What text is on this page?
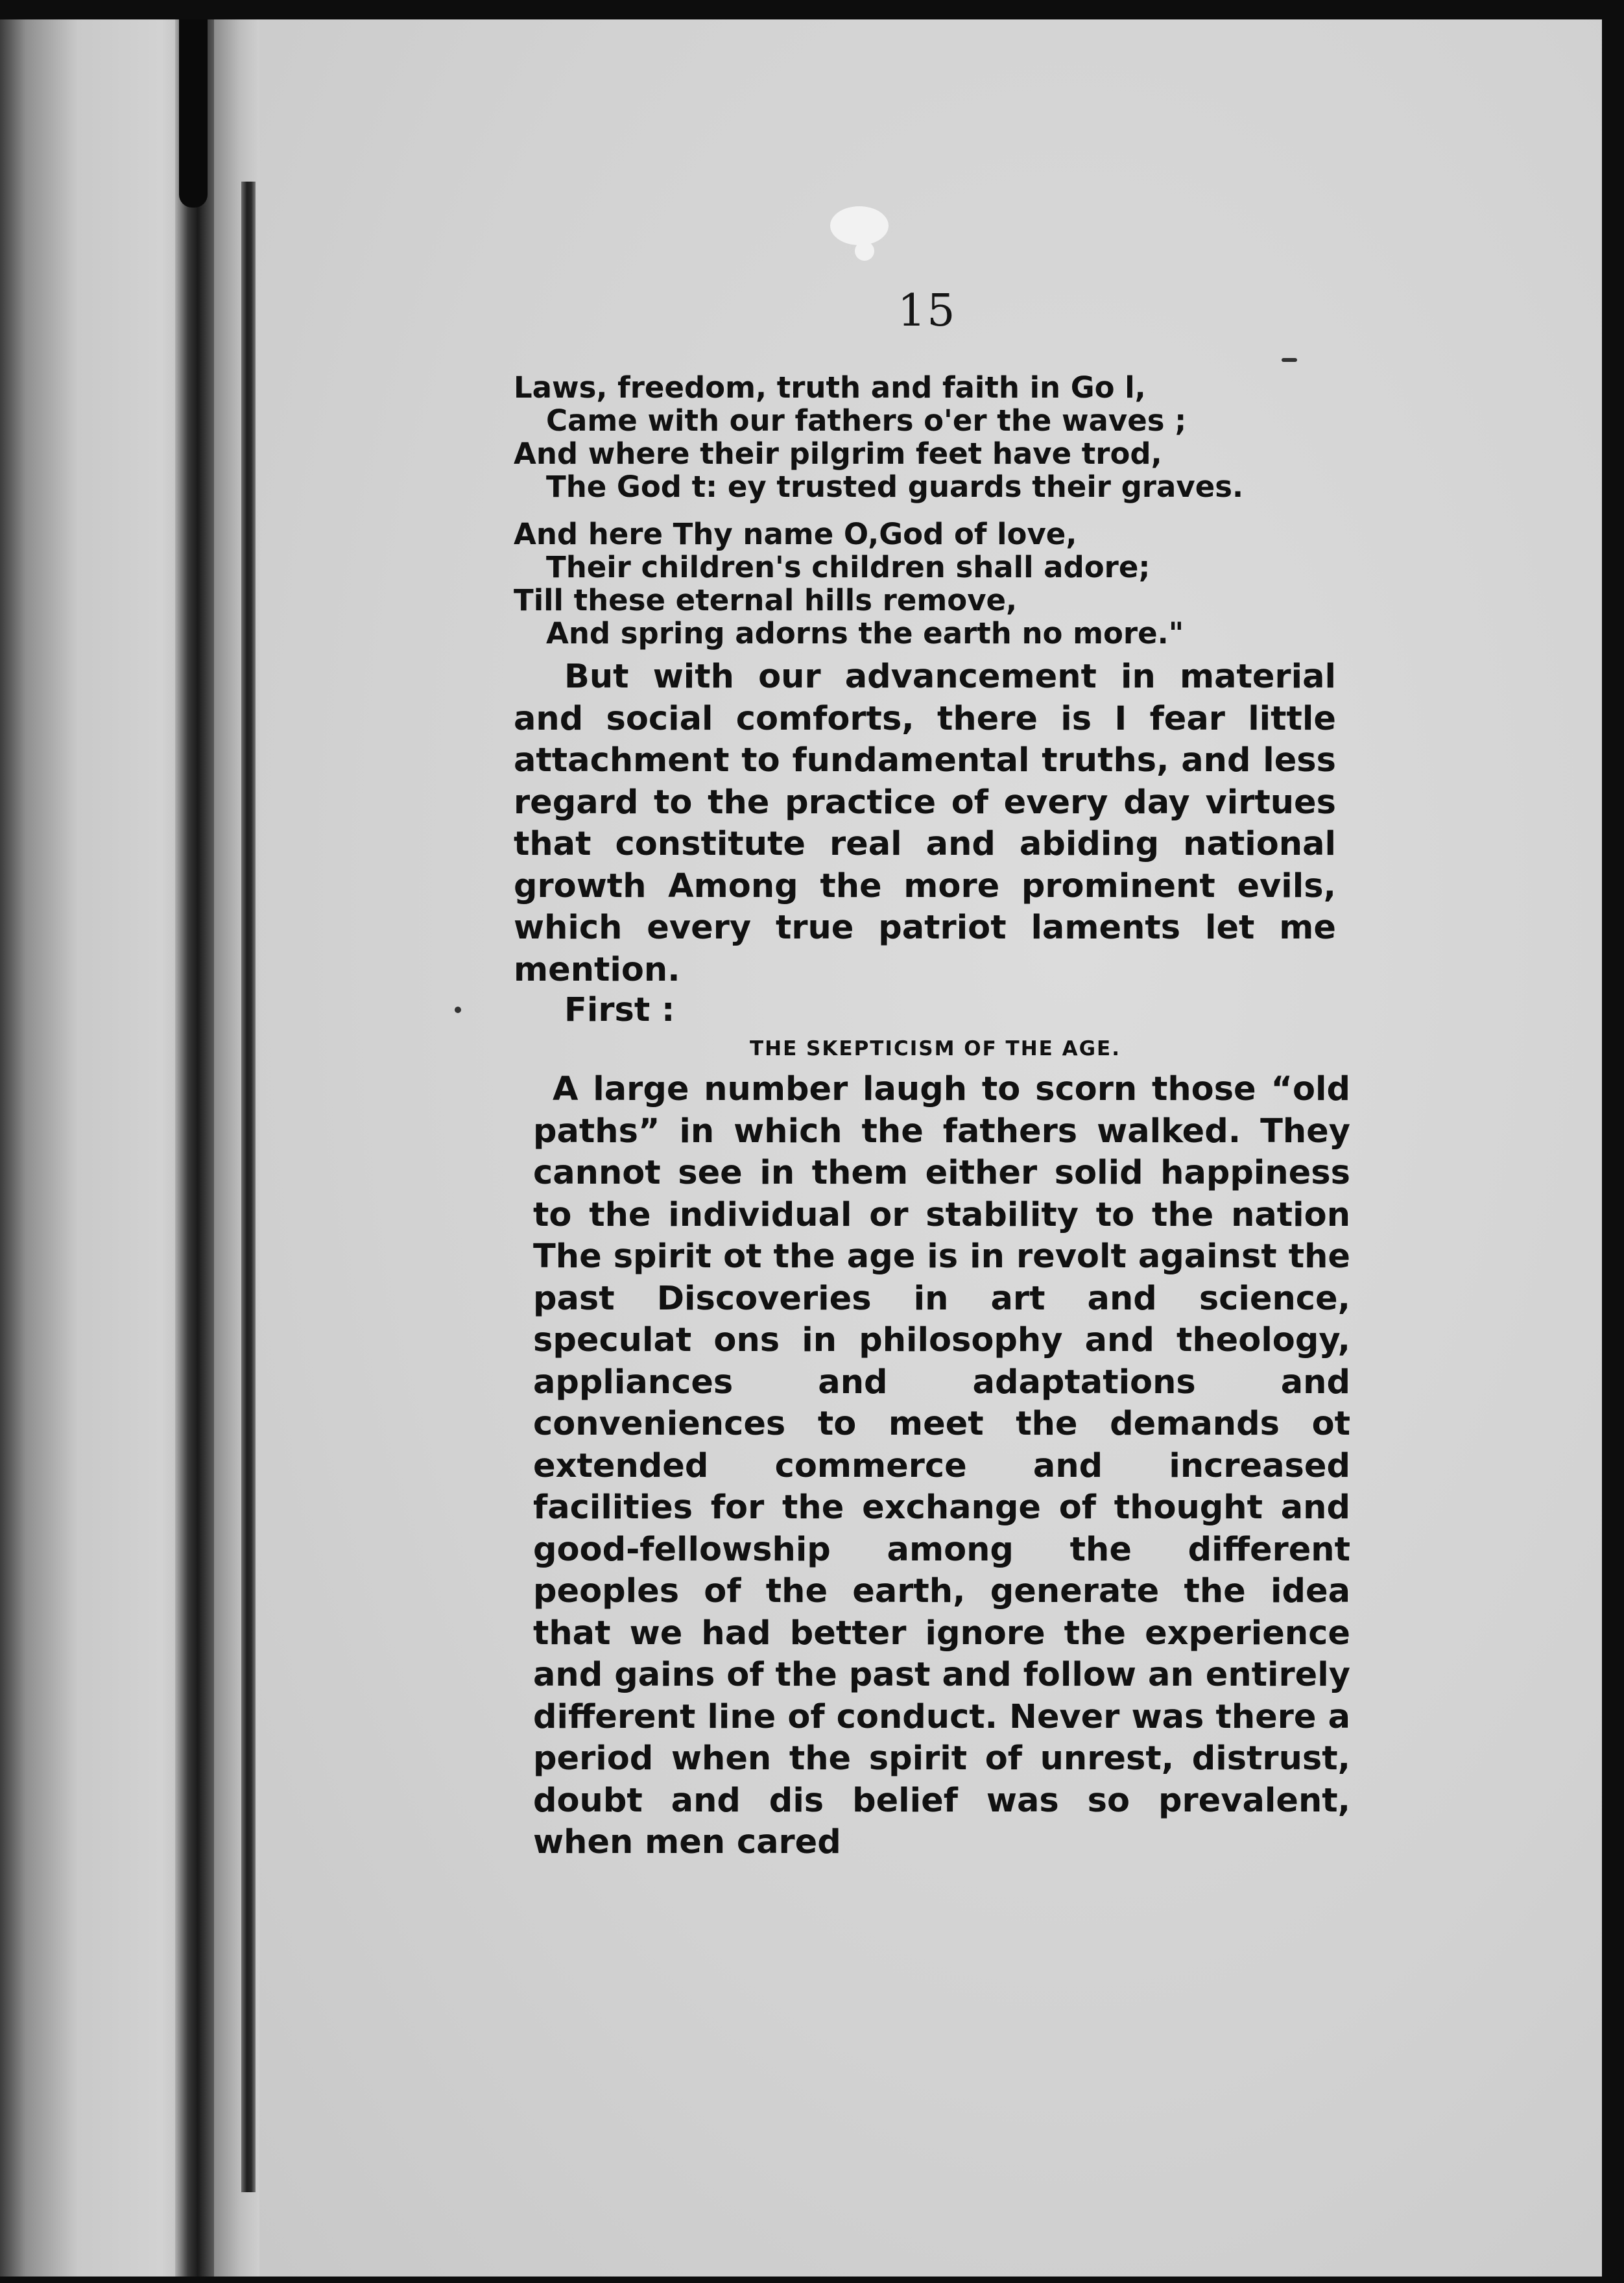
15
Laws, freedom, truth and faith in Go l,
Came with our fathers o'er the waves ;
And where their pilgrim feet have trod,
The God t: ey trusted guards their graves.
And here Thy name O,God of love,
Their children's children shall adore;
Till these eternal hills remove,
And spring adorns the earth no more."

But with our advancement in material and social comforts, there is I fear little attachment to fundamental truths, and less regard to the practice of every day virtues that constitute real and abiding national growth Among the more prominent evils, which every true patriot laments let me mention.

First :
THE SKEPTICISM OF THE AGE.

A large number laugh to scorn those “old paths” in which the fathers walked. They cannot see in them either solid happiness to the individual or stability to the nation The spirit ot the age is in revolt against the past Discoveries in art and science, speculat ons in philosophy and theology, appliances and adaptations and conveniences to meet the demands ot extended commerce and increased facilities for the exchange of thought and good-fellowship among the different peoples of the earth, generate the idea that we had better ignore the experience and gains of the past and follow an entirely different line of conduct. Never was there a period when the spirit of unrest, distrust, doubt and dis belief was so prevalent, when men cared
